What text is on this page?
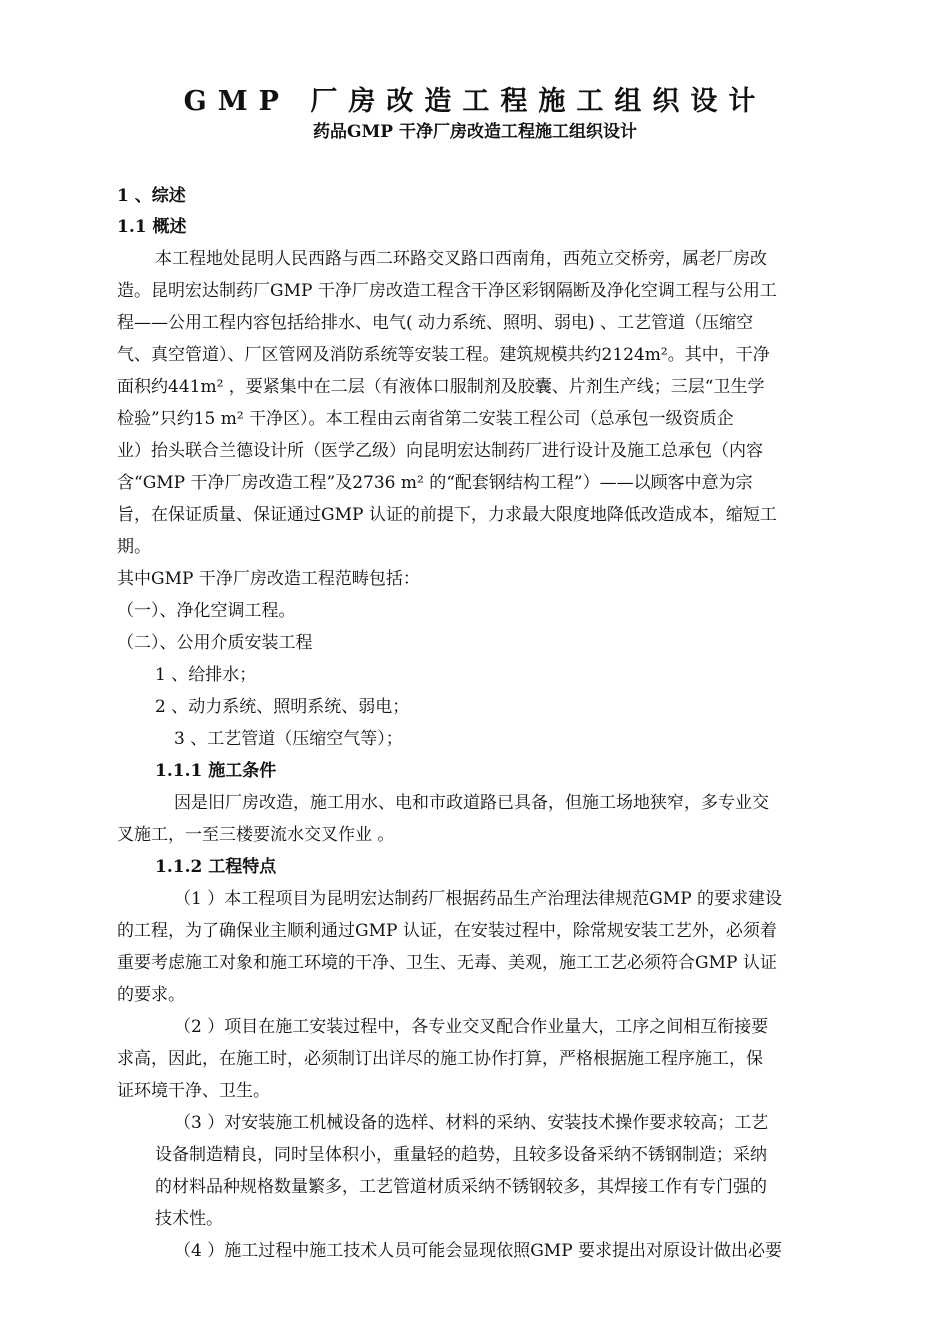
GMP 厂房改造工程施工组织设计
药品GMP 干净厂房改造工程施工组织设计
1 、综述
1.1 概述
本工程地处昆明人民西路与西二环路交叉路口西南角，西苑立交桥旁，属老厂房改
造。昆明宏达制药厂GMP 干净厂房改造工程含干净区彩钢隔断及净化空调工程与公用工
程——公用工程内容包括给排水、电气( 动力系统、照明、弱电) 、工艺管道（压缩空
气、真空管道）、厂区管网及消防系统等安装工程。建筑规模共约2124m²。其中，干净
面积约441m² ，要紧集中在二层（有液体口服制剂及胶囊、片剂生产线；三层“卫生学
检验”只约15 m² 干净区）。本工程由云南省第二安装工程公司（总承包一级资质企
业）抬头联合兰德设计所（医学乙级）向昆明宏达制药厂进行设计及施工总承包（内容
含“GMP 干净厂房改造工程”及2736 m² 的“配套钢结构工程”）——以顾客中意为宗
旨，在保证质量、保证通过GMP 认证的前提下，力求最大限度地降低改造成本，缩短工
期。
其中GMP 干净厂房改造工程范畴包括：
（一）、净化空调工程。
（二）、公用介质安装工程
1 、给排水；
2 、动力系统、照明系统、弱电；
3 、工艺管道（压缩空气等）；
1.1.1 施工条件
因是旧厂房改造，施工用水、电和市政道路已具备，但施工场地狭窄，多专业交
叉施工，一至三楼要流水交叉作业 。
1.1.2 工程特点
（1 ）本工程项目为昆明宏达制药厂根据药品生产治理法律规范GMP 的要求建设
的工程，为了确保业主顺利通过GMP 认证，在安装过程中，除常规安装工艺外，必须着
重要考虑施工对象和施工环境的干净、卫生、无毒、美观，施工工艺必须符合GMP 认证
的要求。
（2 ）项目在施工安装过程中，各专业交叉配合作业量大，工序之间相互衔接要
求高，因此，在施工时，必须制订出详尽的施工协作打算，严格根据施工程序施工，保
证环境干净、卫生。
（3 ）对安装施工机械设备的选样、材料的采纳、安装技术操作要求较高；工艺
设备制造精良，同时呈体积小，重量轻的趋势，且较多设备采纳不锈钢制造；采纳
的材料品种规格数量繁多，工艺管道材质采纳不锈钢较多，其焊接工作有专门强的
技术性。
（4 ）施工过程中施工技术人员可能会显现依照GMP 要求提出对原设计做出必要
